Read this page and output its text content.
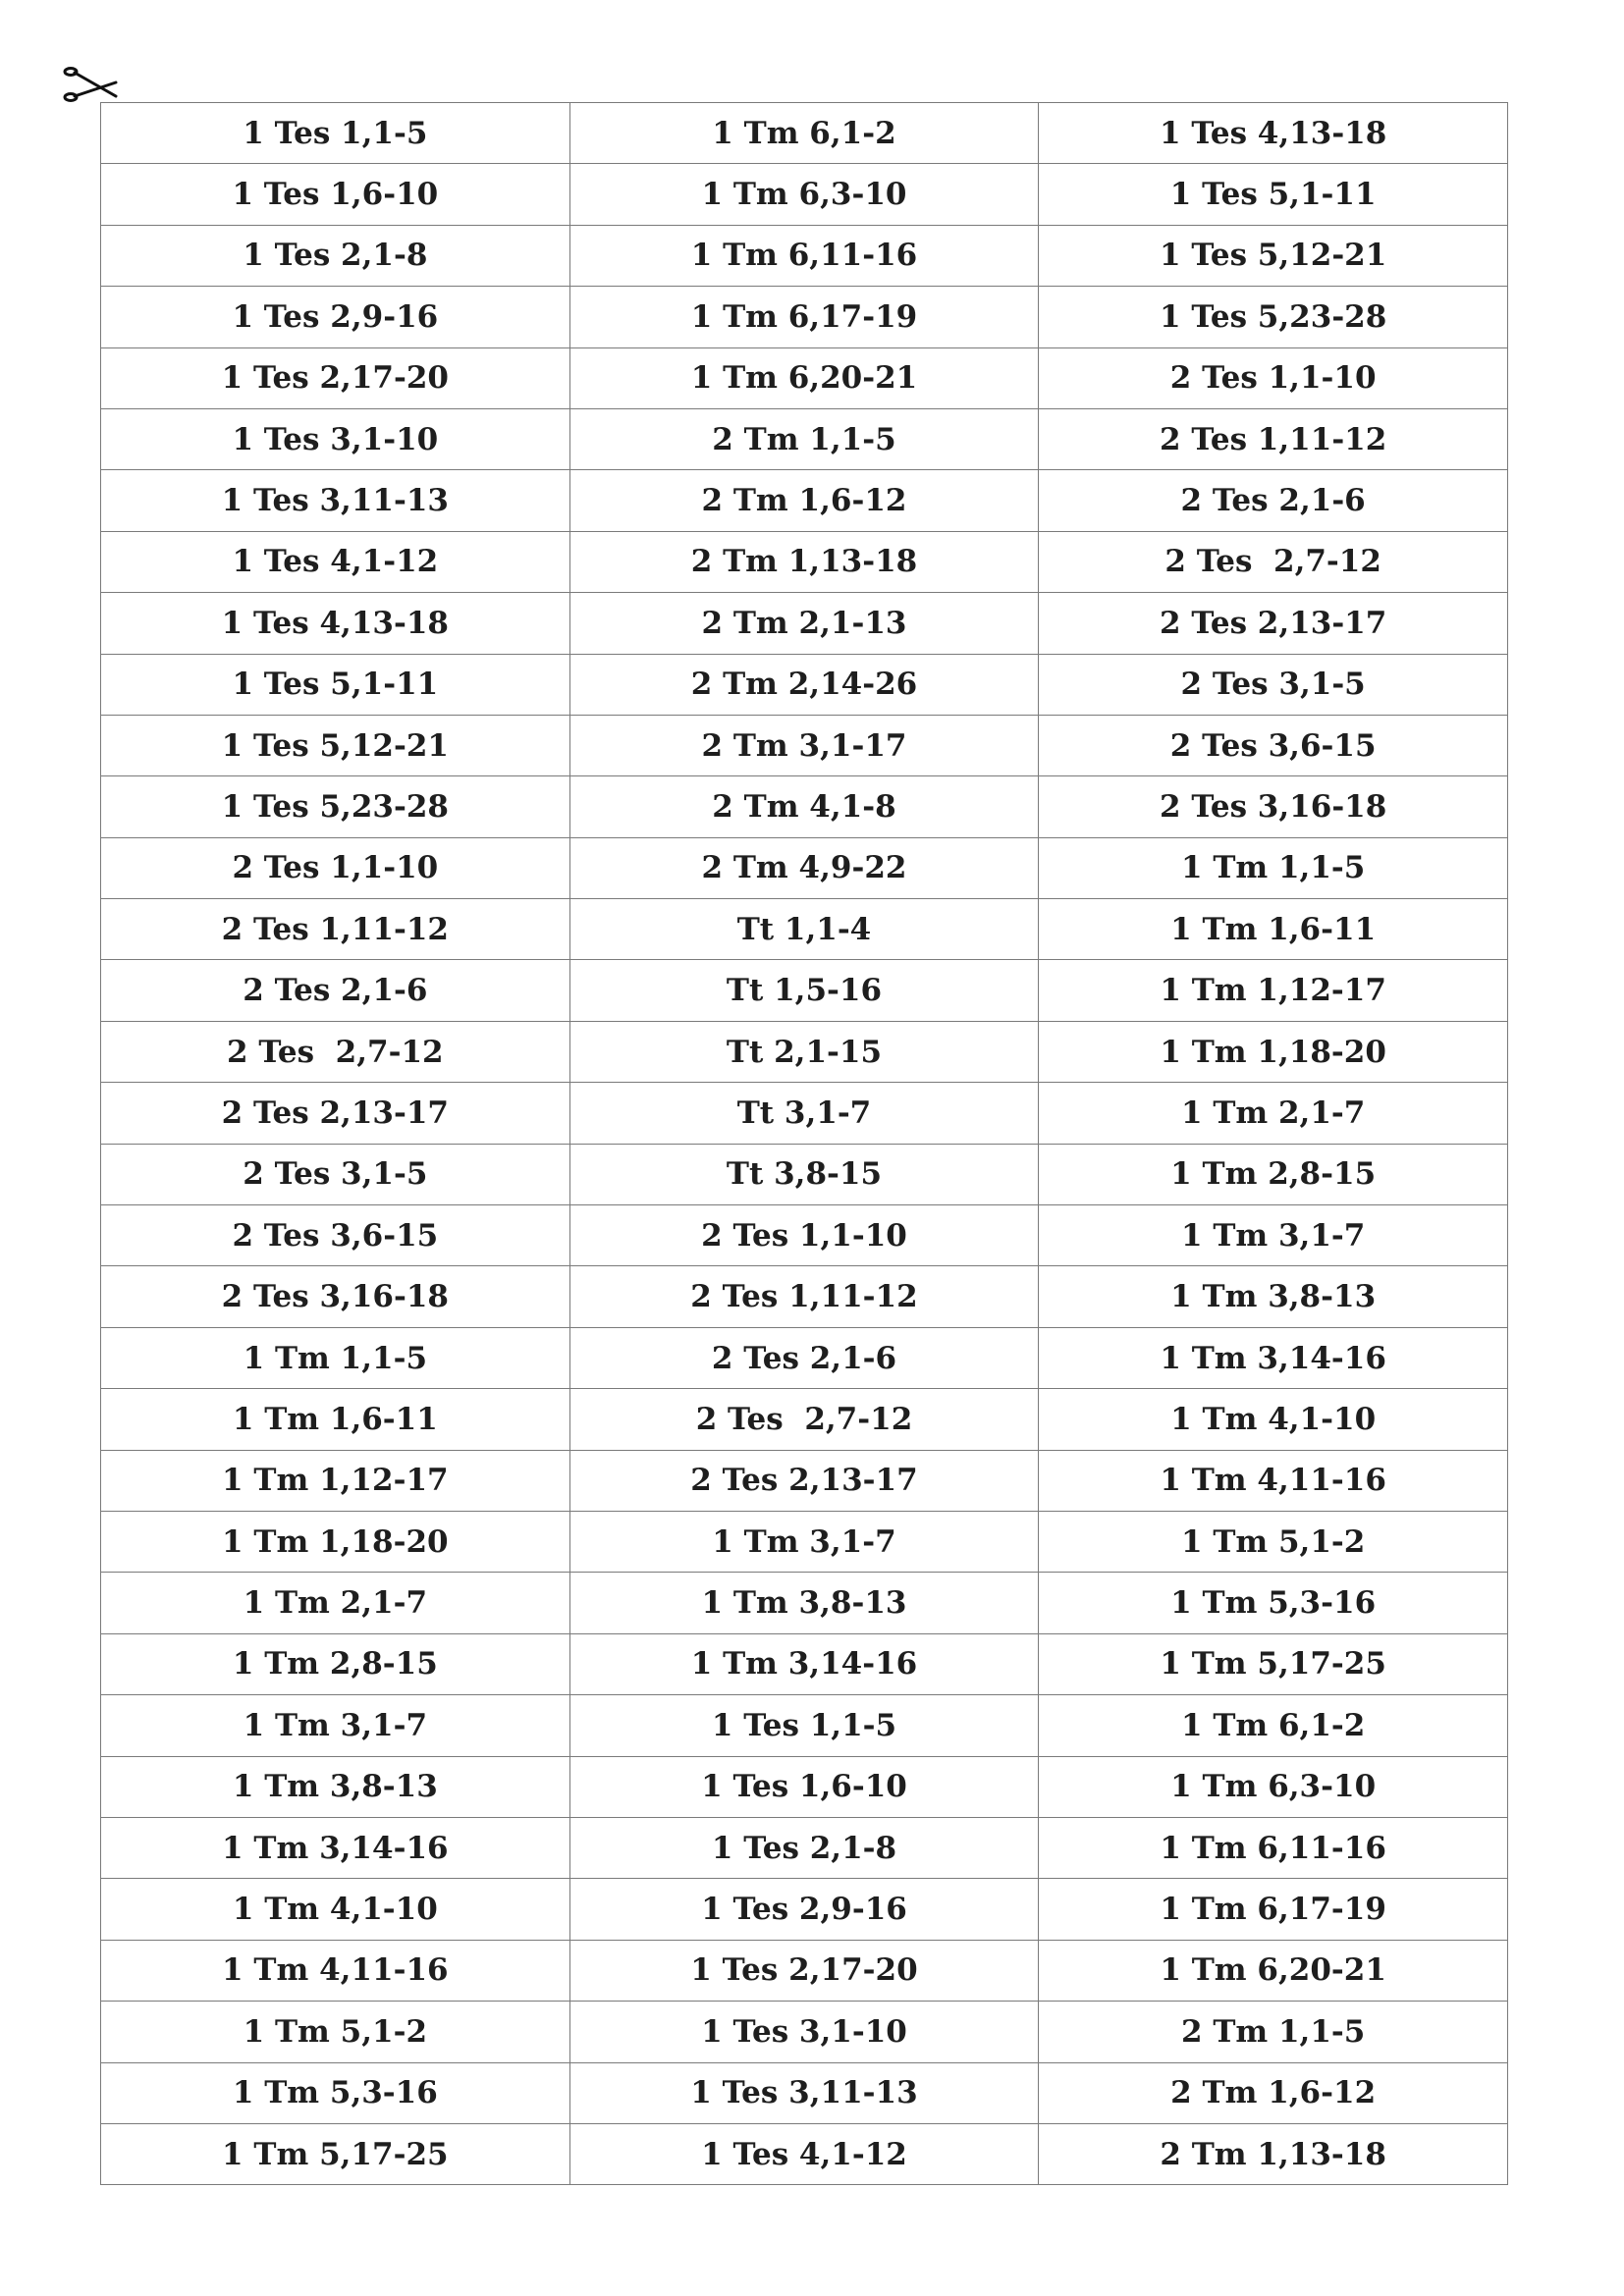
1 Tes 1,1-5	1 Tm 6,1-2	1 Tes 4,13-18
1 Tes 1,6-10	1 Tm 6,3-10	1 Tes 5,1-11
1 Tes 2,1-8	1 Tm 6,11-16	1 Tes 5,12-21
1 Tes 2,9-16	1 Tm 6,17-19	1 Tes 5,23-28
1 Tes 2,17-20	1 Tm 6,20-21	2 Tes 1,1-10
1 Tes 3,1-10	2 Tm 1,1-5	2 Tes 1,11-12
1 Tes 3,11-13	2 Tm 1,6-12	2 Tes 2,1-6
1 Tes 4,1-12	2 Tm 1,13-18	2 Tes  2,7-12
1 Tes 4,13-18	2 Tm 2,1-13	2 Tes 2,13-17
1 Tes 5,1-11	2 Tm 2,14-26	2 Tes 3,1-5
1 Tes 5,12-21	2 Tm 3,1-17	2 Tes 3,6-15
1 Tes 5,23-28	2 Tm 4,1-8	2 Tes 3,16-18
2 Tes 1,1-10	2 Tm 4,9-22	1 Tm 1,1-5
2 Tes 1,11-12	Tt 1,1-4	1 Tm 1,6-11
2 Tes 2,1-6	Tt 1,5-16	1 Tm 1,12-17
2 Tes  2,7-12	Tt 2,1-15	1 Tm 1,18-20
2 Tes 2,13-17	Tt 3,1-7	1 Tm 2,1-7
2 Tes 3,1-5	Tt 3,8-15	1 Tm 2,8-15
2 Tes 3,6-15	2 Tes 1,1-10	1 Tm 3,1-7
2 Tes 3,16-18	2 Tes 1,11-12	1 Tm 3,8-13
1 Tm 1,1-5	2 Tes 2,1-6	1 Tm 3,14-16
1 Tm 1,6-11	2 Tes  2,7-12	1 Tm 4,1-10
1 Tm 1,12-17	2 Tes 2,13-17	1 Tm 4,11-16
1 Tm 1,18-20	1 Tm 3,1-7	1 Tm 5,1-2
1 Tm 2,1-7	1 Tm 3,8-13	1 Tm 5,3-16
1 Tm 2,8-15	1 Tm 3,14-16	1 Tm 5,17-25
1 Tm 3,1-7	1 Tes 1,1-5	1 Tm 6,1-2
1 Tm 3,8-13	1 Tes 1,6-10	1 Tm 6,3-10
1 Tm 3,14-16	1 Tes 2,1-8	1 Tm 6,11-16
1 Tm 4,1-10	1 Tes 2,9-16	1 Tm 6,17-19
1 Tm 4,11-16	1 Tes 2,17-20	1 Tm 6,20-21
1 Tm 5,1-2	1 Tes 3,1-10	2 Tm 1,1-5
1 Tm 5,3-16	1 Tes 3,11-13	2 Tm 1,6-12
1 Tm 5,17-25	1 Tes 4,1-12	2 Tm 1,13-18
